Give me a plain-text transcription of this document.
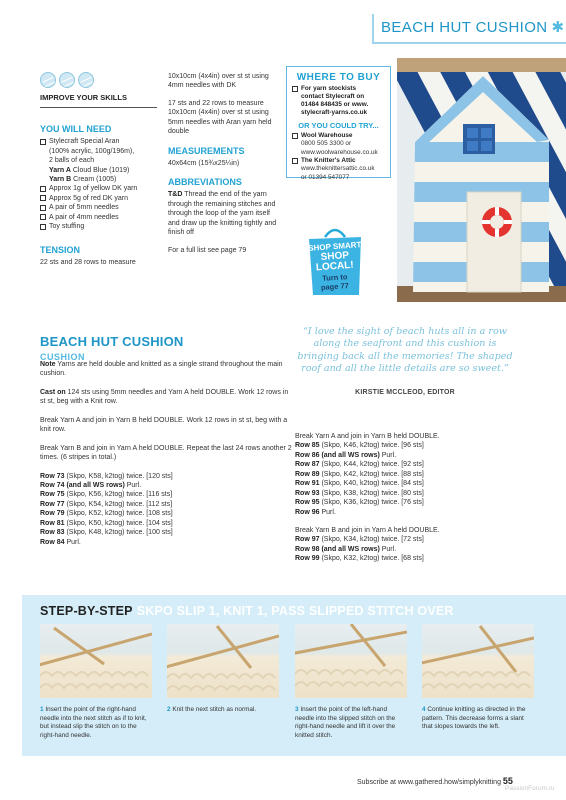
BEACH HUT CUSHION ✱
IMPROVE YOUR SKILLS
YOU WILL NEED
Stylecraft Special Aran
(100% acrylic, 100g/196m),
2 balls of each
Yarn A Cloud Blue (1019)
Yarn B Cream (1005)
Approx 1g of yellow DK yarn
Approx 5g of red DK yarn
A pair of 5mm needles
A pair of 4mm needles
Toy stuffing
TENSION
22 sts and 28 rows to measure

10x10cm (4x4in) over st st using 4mm needles with DK

17 sts and 22 rows to measure 10x10cm (4x4in) over st st using 5mm needles with Aran yarn held double

MEASUREMENTS

40x64cm (15¾x25¼in)

ABBREVIATIONS

T&D Thread the end of the yarn through the remaining stitches and through the loop of the yarn itself and draw up the knitting tightly and finish off

For a full list see page 79

WHERE TO BUY
For yarn stockists
contact Stylecraft on
01484 848435 or www.
stylecraft-yarns.co.uk
OR YOU COULD TRY...
Wool Warehouse
0800 505 3300 or
www.woolwarehouse.co.uk
The Knitter's Attic
www.theknittersattic.co.uk
or 01394 547077
SHOP SMART
SHOP
LOCAL!
Turn to
page 77
BEACH HUT CUSHION
CUSHION

Note Yarns are held double and knitted as a single strand throughout the main cushion.

Cast on 124 sts using 5mm needles and Yarn A held DOUBLE. Work 12 rows in st st, beg with a Knit row.

Break Yarn A and join in Yarn B held DOUBLE. Work 12 rows in st st, beg with a knit row.

Break Yarn B and join in Yarn A held DOUBLE. Repeat the last 24 rows another 2 times. (6 stripes in total.)

Row 73 (Skpo, K58, k2tog) twice. [120 sts]
Row 74 (and all WS rows) Purl.
Row 75 (Skpo, K56, k2tog) twice. [116 sts]
Row 77 (Skpo, K54, k2tog) twice. [112 sts]
Row 79 (Skpo, K52, k2tog) twice. [108 sts]
Row 81 (Skpo, K50, k2tog) twice. [104 sts]
Row 83 (Skpo, K48, k2tog) twice. [100 sts]
Row 84 Purl.
“I love the sight of beach huts all in a row along the seafront and this cushion is bringing back all the memories! The shaped roof and all the little details are so sweet.”
KIRSTIE MCCLEOD, EDITOR
Break Yarn A and join in Yarn B held DOUBLE.
Row 85 (Skpo, K46, k2tog) twice. [96 sts]
Row 86 (and all WS rows) Purl.
Row 87 (Skpo, K44, k2tog) twice. [92 sts]
Row 89 (Skpo, K42, k2tog) twice. [88 sts]
Row 91 (Skpo, K40, k2tog) twice. [84 sts]
Row 93 (Skpo, K38, k2tog) twice. [80 sts]
Row 95 (Skpo, K36, k2tog) twice. [76 sts]
Row 96 Purl.
Break Yarn B and join in Yarn A held DOUBLE.
Row 97 (Skpo, K34, k2tog) twice. [72 sts]
Row 98 (and all WS rows) Purl.
Row 99 (Skpo, K32, k2tog) twice. [68 sts]
STEP-BY-STEP SKPO SLIP 1, KNIT 1, PASS SLIPPED STITCH OVER
1 Insert the point of the right-hand needle into the next stitch as if to knit, but instead slip the stitch on to the right-hand needle.
2 Knit the next stitch as normal.	3 Insert the point of the left-hand needle into the slipped stitch on the right-hand needle and lift it over the knitted stitch.
4 Continue knitting as directed in the pattern. This decrease forms a slant that slopes towards the left.
Subscribe at www.gathered.how/simplyknitting 55
PassionForum.ru
